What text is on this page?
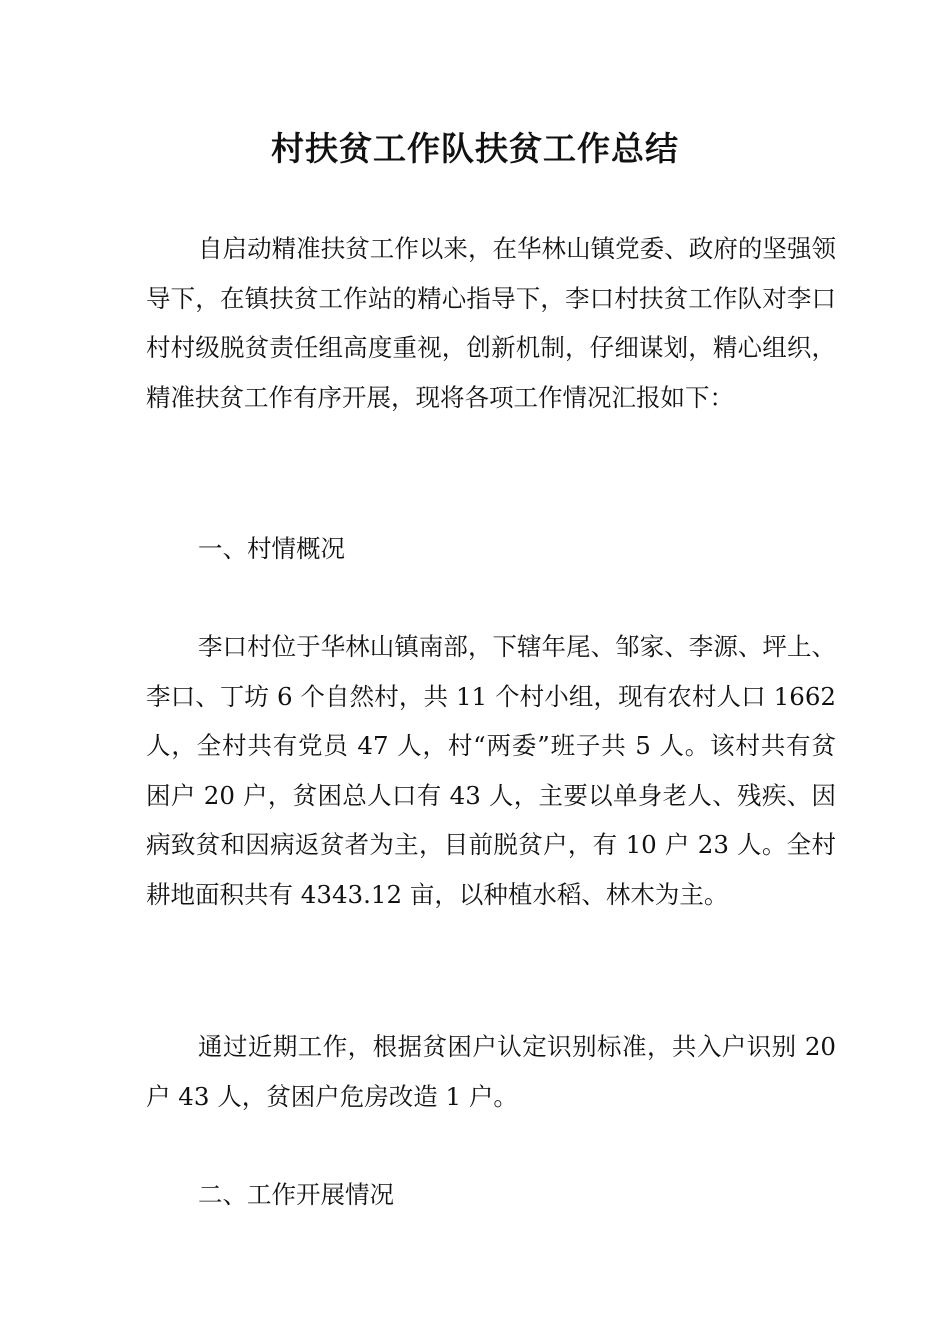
村扶贫工作队扶贫工作总结

自启动精准扶贫工作以来，在华林山镇党委、政府的坚强领导下，在镇扶贫工作站的精心指导下，李口村扶贫工作队对李口村村级脱贫责任组高度重视，创新机制，仔细谋划，精心组织，精准扶贫工作有序开展，现将各项工作情况汇报如下：

一、村情概况

李口村位于华林山镇南部，下辖年尾、邹家、李源、坪上、李口、丁坊 6 个自然村，共 11 个村小组，现有农村人口 1662 人，全村共有党员 47 人，村“两委”班子共 5 人。该村共有贫困户 20 户，贫困总人口有 43 人，主要以单身老人、残疾、因病致贫和因病返贫者为主，目前脱贫户，有 10 户 23 人。全村耕地面积共有 4343.12 亩，以种植水稻、林木为主。

通过近期工作，根据贫困户认定识别标准，共入户识别 20 户 43 人，贫困户危房改造 1 户。

二、工作开展情况
